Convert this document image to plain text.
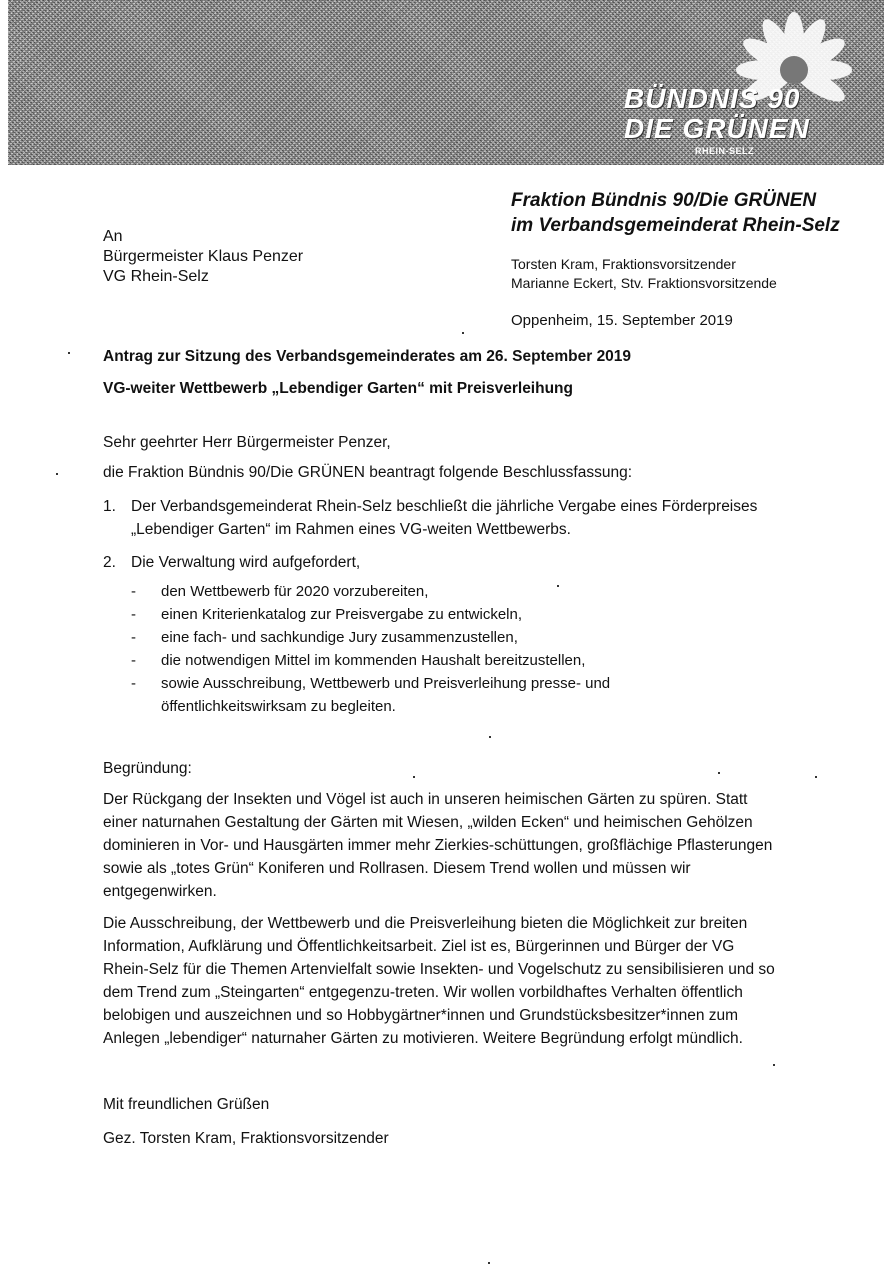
BÜNDNIS 90
DIE GRÜNEN
RHEIN-SELZ
Fraktion Bündnis 90/Die GRÜNEN
im Verbandsgemeinderat Rhein-Selz
An
Bürgermeister Klaus Penzer
VG Rhein-Selz
Torsten Kram, Fraktionsvorsitzender
Marianne Eckert, Stv. Fraktionsvorsitzende
Oppenheim, 15. September 2019
Antrag zur Sitzung des Verbandsgemeinderates am 26. September 2019
VG-weiter Wettbewerb „Lebendiger Garten“ mit Preisverleihung
Sehr geehrter Herr Bürgermeister Penzer,
die Fraktion Bündnis 90/Die GRÜNEN beantragt folgende Beschlussfassung:
1. Der Verbandsgemeinderat Rhein-Selz beschließt die jährliche Vergabe eines Förderpreises „Lebendiger Garten“ im Rahmen eines VG-weiten Wettbewerbs.
2. Die Verwaltung wird aufgefordert,
- den Wettbewerb für 2020 vorzubereiten,
- einen Kriterienkatalog zur Preisvergabe zu entwickeln,
- eine fach- und sachkundige Jury zusammenzustellen,
- die notwendigen Mittel im kommenden Haushalt bereitzustellen,
- sowie Ausschreibung, Wettbewerb und Preisverleihung presse- und öffentlichkeitswirksam zu begleiten.
Begründung:
Der Rückgang der Insekten und Vögel ist auch in unseren heimischen Gärten zu spüren. Statt einer naturnahen Gestaltung der Gärten mit Wiesen, „wilden Ecken“ und heimischen Gehölzen dominieren in Vor- und Hausgärten immer mehr Zierkies-schüttungen, großflächige Pflasterungen sowie als „totes Grün“ Koniferen und Rollrasen. Diesem Trend wollen und müssen wir entgegenwirken.
Die Ausschreibung, der Wettbewerb und die Preisverleihung bieten die Möglichkeit zur breiten Information, Aufklärung und Öffentlichkeitsarbeit. Ziel ist es, Bürgerinnen und Bürger der VG Rhein-Selz für die Themen Artenvielfalt sowie Insekten- und Vogelschutz zu sensibilisieren und so dem Trend zum „Steingarten“ entgegenzu-treten. Wir wollen vorbildhaftes Verhalten öffentlich belobigen und auszeichnen und so Hobbygärtner*innen und Grundstücksbesitzer*innen zum Anlegen „lebendiger“ naturnaher Gärten zu motivieren. Weitere Begründung erfolgt mündlich.
Mit freundlichen Grüßen
Gez. Torsten Kram, Fraktionsvorsitzender
